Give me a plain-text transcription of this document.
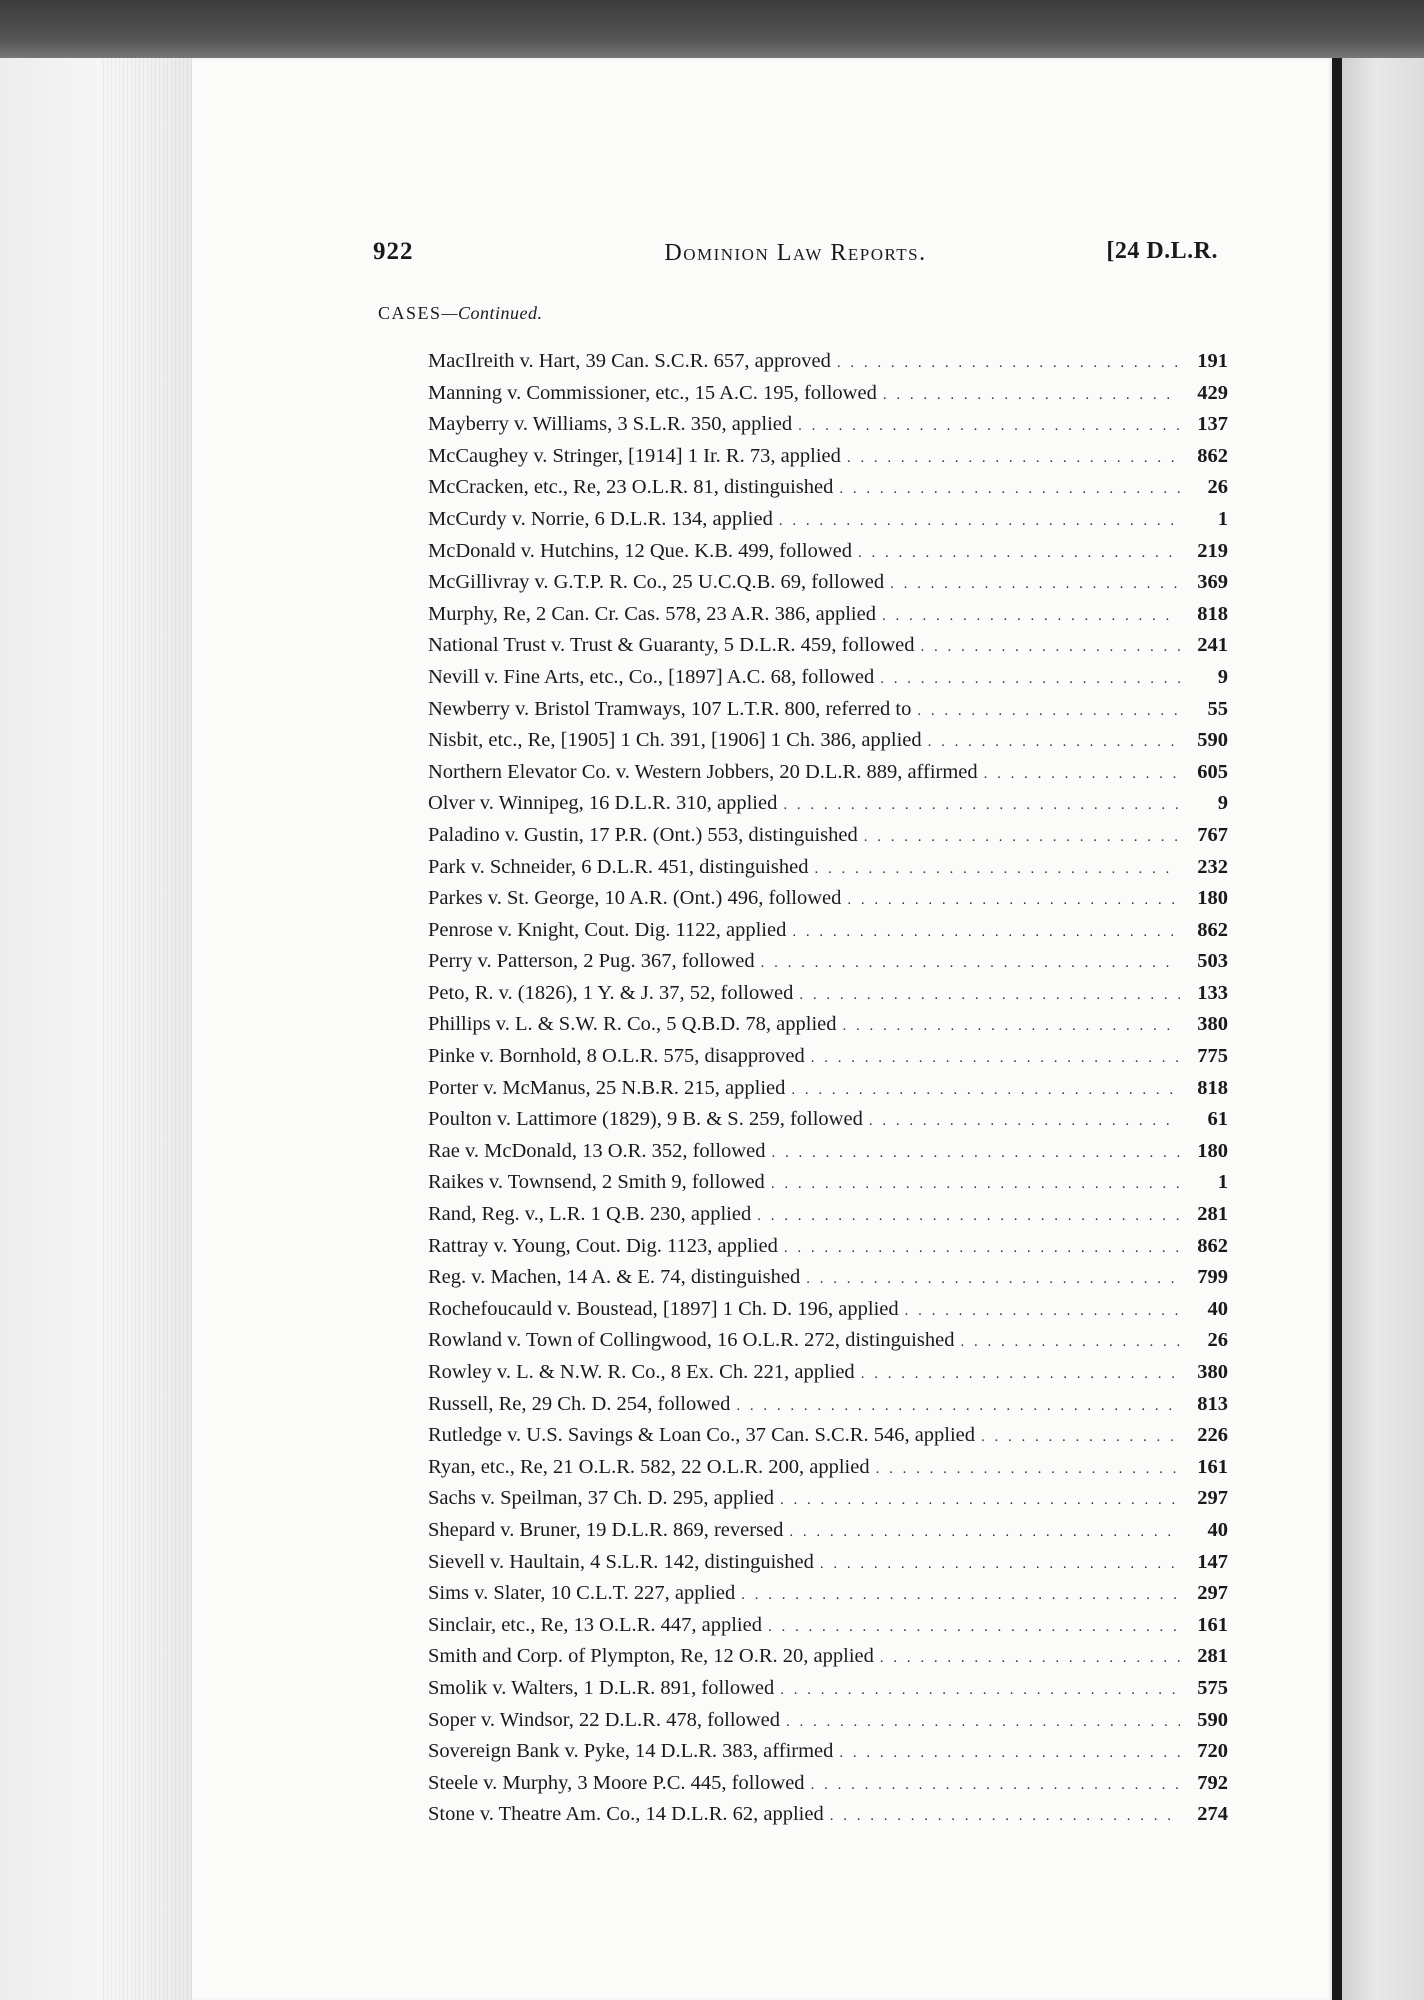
922	Dominion Law Reports.	[24 D.L.R.
CASES—Continued.
MacIlreith v. Hart, 39 Can. S.C.R. 657, approved . . .	191
Manning v. Commissioner, etc., 15 A.C. 195, followed . . .	429
Mayberry v. Williams, 3 S.L.R. 350, applied . . .	137
McCaughey v. Stringer, [1914] 1 Ir. R. 73, applied . . .	862
McCracken, etc., Re, 23 O.L.R. 81, distinguished . . .	26
McCurdy v. Norrie, 6 D.L.R. 134, applied . . .	1
McDonald v. Hutchins, 12 Que. K.B. 499, followed . . .	219
McGillivray v. G.T.P. R. Co., 25 U.C.Q.B. 69, followed . . .	369
Murphy, Re, 2 Can. Cr. Cas. 578, 23 A.R. 386, applied . . .	818
National Trust v. Trust & Guaranty, 5 D.L.R. 459, followed . . .	241
Nevill v. Fine Arts, etc., Co., [1897] A.C. 68, followed . . .	9
Newberry v. Bristol Tramways, 107 L.T.R. 800, referred to . . .	55
Nisbit, etc., Re, [1905] 1 Ch. 391, [1906] 1 Ch. 386, applied . . .	590
Northern Elevator Co. v. Western Jobbers, 20 D.L.R. 889, affirmed . . .	605
Olver v. Winnipeg, 16 D.L.R. 310, applied . . .	9
Paladino v. Gustin, 17 P.R. (Ont.) 553, distinguished . . .	767
Park v. Schneider, 6 D.L.R. 451, distinguished . . .	232
Parkes v. St. George, 10 A.R. (Ont.) 496, followed . . .	180
Penrose v. Knight, Cout. Dig. 1122, applied . . .	862
Perry v. Patterson, 2 Pug. 367, followed . . .	503
Peto, R. v. (1826), 1 Y. & J. 37, 52, followed . . .	133
Phillips v. L. & S.W. R. Co., 5 Q.B.D. 78, applied . . .	380
Pinke v. Bornhold, 8 O.L.R. 575, disapproved . . .	775
Porter v. McManus, 25 N.B.R. 215, applied . . .	818
Poulton v. Lattimore (1829), 9 B. & S. 259, followed . . .	61
Rae v. McDonald, 13 O.R. 352, followed . . .	180
Raikes v. Townsend, 2 Smith 9, followed . . .	1
Rand, Reg. v., L.R. 1 Q.B. 230, applied . . .	281
Rattray v. Young, Cout. Dig. 1123, applied . . .	862
Reg. v. Machen, 14 A. & E. 74, distinguished . . .	799
Rochefoucauld v. Boustead, [1897] 1 Ch. D. 196, applied . . .	40
Rowland v. Town of Collingwood, 16 O.L.R. 272, distinguished . . .	26
Rowley v. L. & N.W. R. Co., 8 Ex. Ch. 221, applied . . .	380
Russell, Re, 29 Ch. D. 254, followed . . .	813
Rutledge v. U.S. Savings & Loan Co., 37 Can. S.C.R. 546, applied . . .	226
Ryan, etc., Re, 21 O.L.R. 582, 22 O.L.R. 200, applied . . .	161
Sachs v. Speilman, 37 Ch. D. 295, applied . . .	297
Shepard v. Bruner, 19 D.L.R. 869, reversed . . .	40
Sievell v. Haultain, 4 S.L.R. 142, distinguished . . .	147
Sims v. Slater, 10 C.L.T. 227, applied . . .	297
Sinclair, etc., Re, 13 O.L.R. 447, applied . . .	161
Smith and Corp. of Plympton, Re, 12 O.R. 20, applied . . .	281
Smolik v. Walters, 1 D.L.R. 891, followed . . .	575
Soper v. Windsor, 22 D.L.R. 478, followed . . .	590
Sovereign Bank v. Pyke, 14 D.L.R. 383, affirmed . . .	720
Steele v. Murphy, 3 Moore P.C. 445, followed . . .	792
Stone v. Theatre Am. Co., 14 D.L.R. 62, applied . . .	274
